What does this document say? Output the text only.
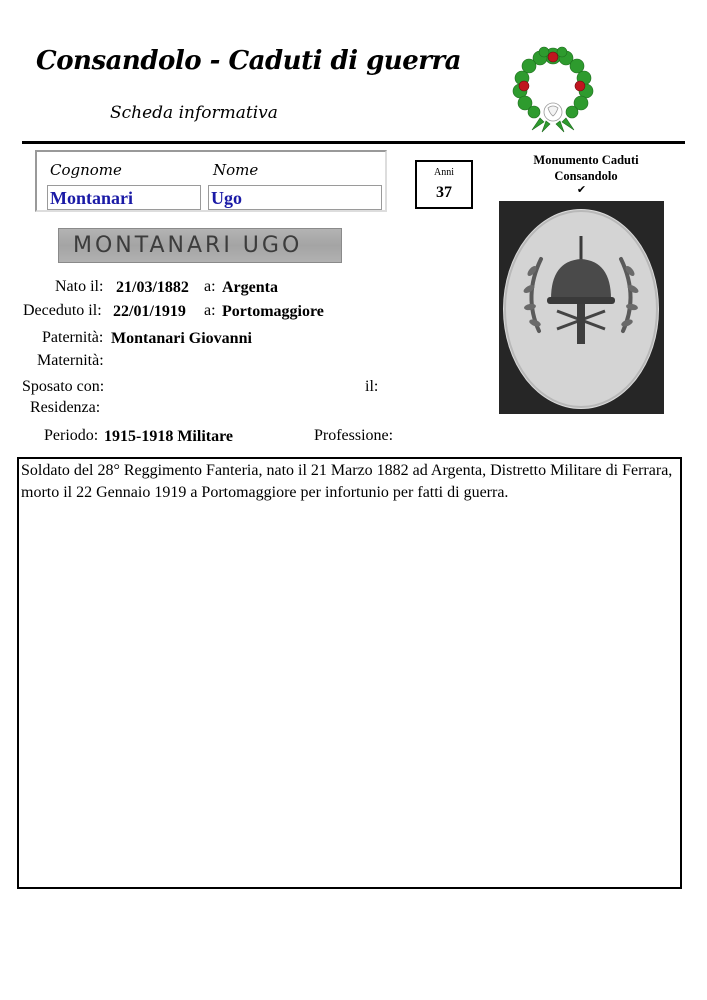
Consandolo - Caduti di guerra
Scheda informativa
Cognome	Nome
Montanari	Ugo
Anni
37
Monumento Caduti
Consandolo
✔
MONTANARI UGO
Nato il: 21/03/1882 a: Argenta
Deceduto il: 22/01/1919 a: Portomaggiore
Paternità: Montanari Giovanni
Maternità:
Sposato con:	il:
Residenza:
Periodo: 1915-1918 Militare	Professione:
Soldato del 28° Reggimento Fanteria, nato il 21 Marzo 1882 ad Argenta, Distretto Militare di Ferrara, morto il 22 Gennaio 1919 a Portomaggiore per infortunio per fatti di guerra.
